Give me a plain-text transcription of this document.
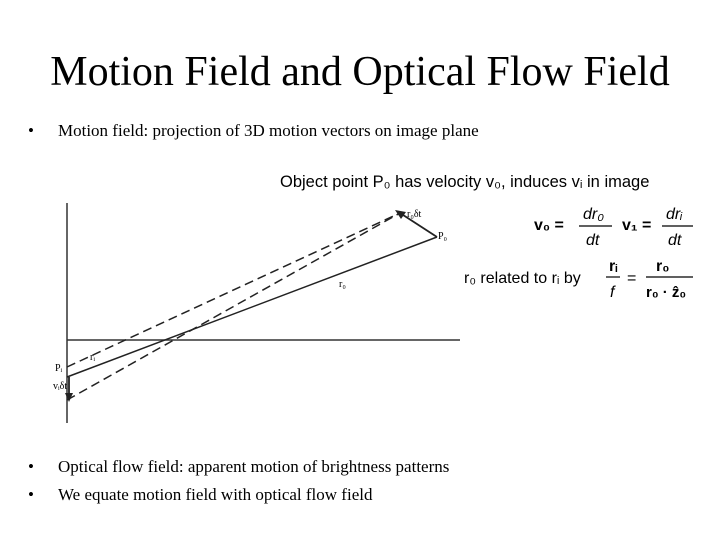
Motion Field and Optical Flow Field
• Motion field: projection of 3D motion vectors on image plane
r₀δt
P₀
r₀
rᵢ
Pᵢ
vᵢδt
Object point P₀ has velocity v₀, induces vᵢ in image
v₀ =
dr₀
dt
v₁ =
drᵢ
dt
r₀ related to rᵢ by
rᵢ
f
=
r₀
r₀ · ẑ₀
• Optical flow field: apparent motion of brightness patterns
• We equate motion field with optical flow field
